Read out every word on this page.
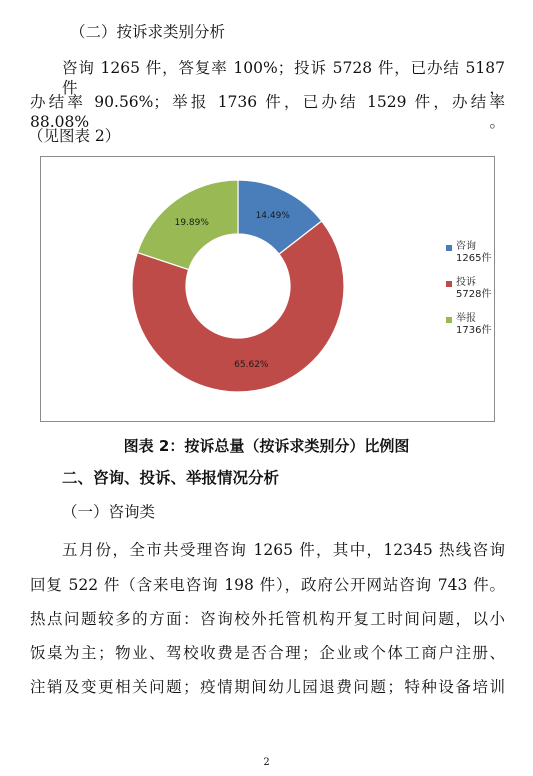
（二）按诉求类别分析
咨询 1265 件，答复率 100%；投诉 5728 件，已办结 5187 件，
办结率 90.56%；举报 1736 件，已办结 1529 件，办结率 88.08%。
（见图表 2）
14.49%
65.62%
19.89%
咨询
1265件
投诉
5728件
举报
1736件
图表 2：按诉总量（按诉求类别分）比例图
二、咨询、投诉、举报情况分析
（一）咨询类
五月份，全市共受理咨询 1265 件，其中，12345 热线咨询
回复 522 件（含来电咨询 198 件），政府公开网站咨询 743 件。
热点问题较多的方面：咨询校外托管机构开复工时间问题，以小
饭桌为主；物业、驾校收费是否合理；企业或个体工商户注册、
注销及变更相关问题；疫情期间幼儿园退费问题；特种设备培训
2
